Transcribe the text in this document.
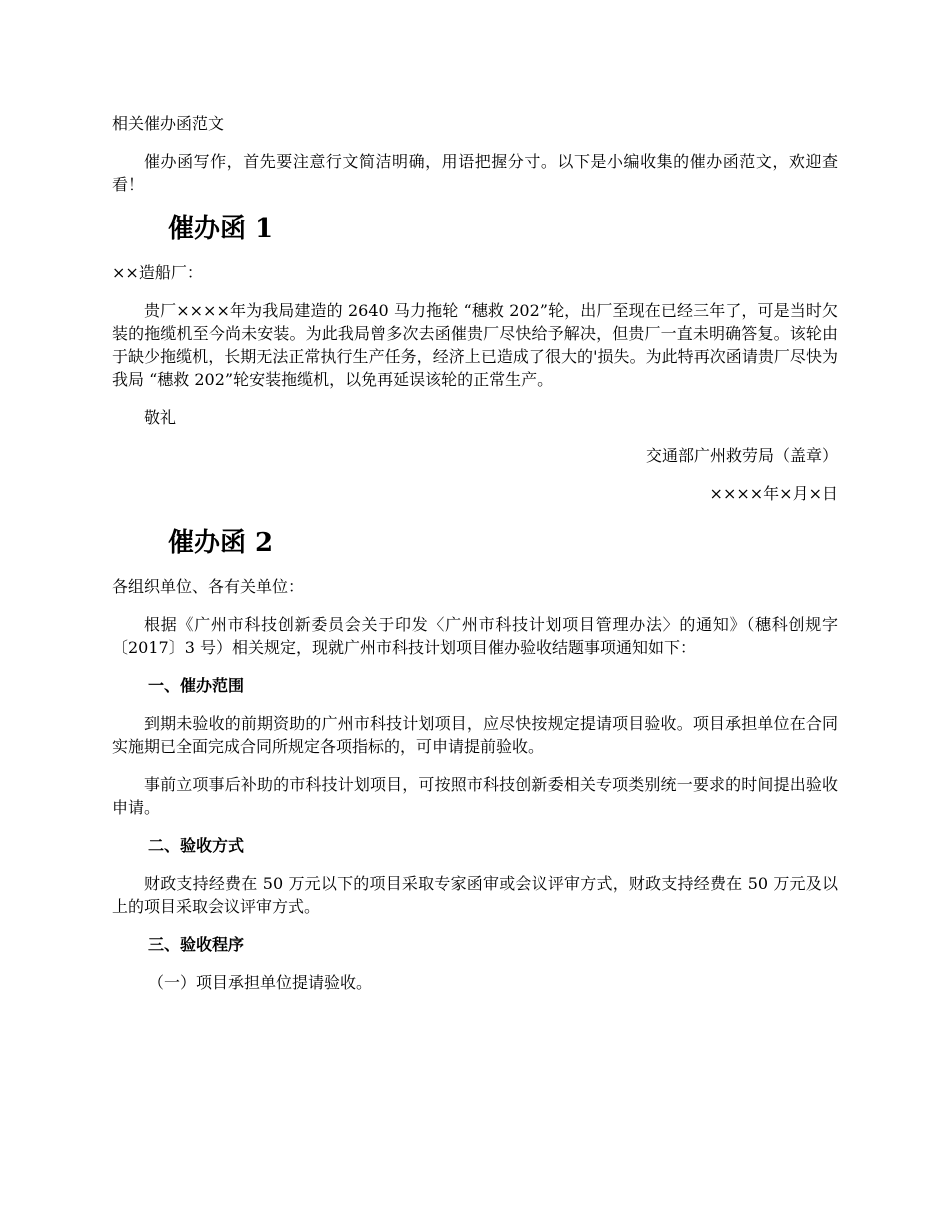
相关催办函范文

催办函写作，首先要注意行文简洁明确，用语把握分寸。以下是小编收集的催办函范文，欢迎查看！

催办函 1

××造船厂：

贵厂××××年为我局建造的 2640 马力拖轮 “穗救 202”轮，出厂至现在已经三年了，可是当时欠装的拖缆机至今尚未安装。为此我局曾多次去函催贵厂尽快给予解决，但贵厂一直未明确答复。该轮由于缺少拖缆机，长期无法正常执行生产任务，经济上已造成了很大的'损失。为此特再次函请贵厂尽快为我局 “穗救 202”轮安装拖缆机，以免再延误该轮的正常生产。

敬礼

交通部广州救劳局（盖章）

××××年×月×日

催办函 2

各组织单位、各有关单位：

根据《广州市科技创新委员会关于印发〈广州市科技计划项目管理办法〉的通知》（穗科创规字〔2017〕3 号）相关规定，现就广州市科技计划项目催办验收结题事项通知如下：

一、催办范围

到期未验收的前期资助的广州市科技计划项目，应尽快按规定提请项目验收。项目承担单位在合同实施期已全面完成合同所规定各项指标的，可申请提前验收。

事前立项事后补助的市科技计划项目，可按照市科技创新委相关专项类别统一要求的时间提出验收申请。

二、验收方式

财政支持经费在 50 万元以下的项目采取专家函审或会议评审方式，财政支持经费在 50 万元及以上的项目采取会议评审方式。

三、验收程序

（一）项目承担单位提请验收。
